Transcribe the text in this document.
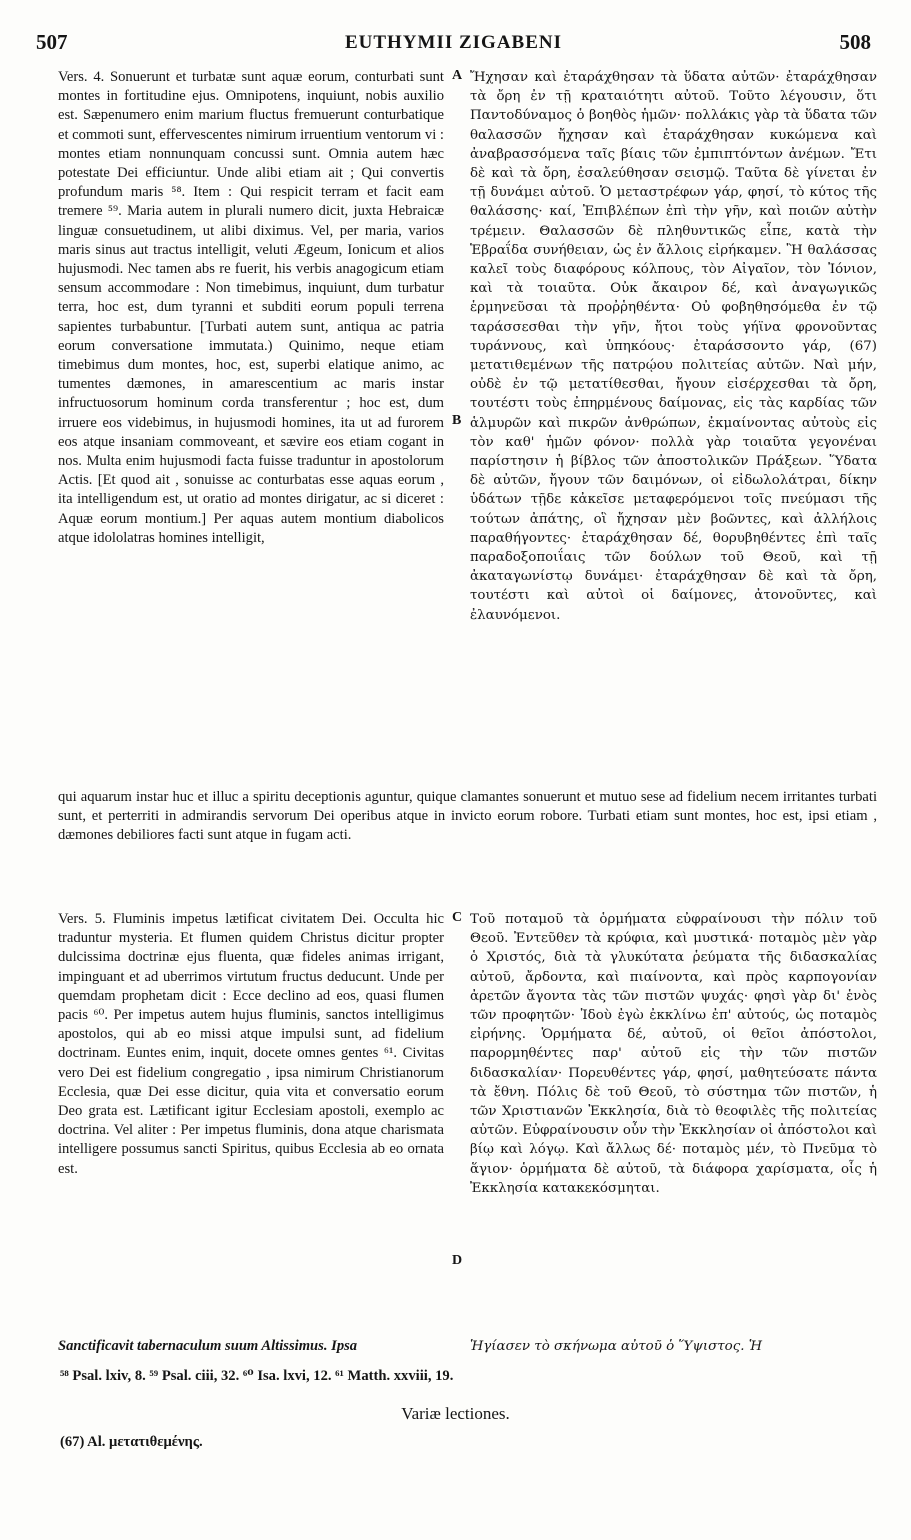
507	EUTHYMII ZIGABENI	508
A
B
C
D

Vers. 4. Sonuerunt et turbatæ sunt aquæ eorum, conturbati sunt montes in fortitudine ejus. Omnipotens, inquiunt, nobis auxilio est. Sæpenumero enim marium fluctus fremuerunt conturbatique et commoti sunt, effervescentes nimirum irruentium ventorum vi : montes etiam nonnunquam concussi sunt. Omnia autem hæc potestate Dei efficiuntur. Unde alibi etiam ait ; Qui convertis profundum maris ⁵⁸. Item : Qui respicit terram et facit eam tremere ⁵⁹. Maria autem in plurali numero dicit, juxta Hebraicæ linguæ consuetudinem, ut alibi diximus. Vel, per maria, varios maris sinus aut tractus intelligit, veluti Ægeum, Ionicum et alios hujusmodi. Nec tamen abs re fuerit, his verbis anagogicum etiam sensum accommodare : Non timebimus, inquiunt, dum turbatur terra, hoc est, dum tyranni et subditi eorum populi terrena sapientes turbabuntur. [Turbati autem sunt, antiqua ac patria eorum conversatione immutata.) Quinimo, neque etiam timebimus dum montes, hoc, est, superbi elatique animo, ac tumentes dæmones, in amarescentium ac maris instar infructuosorum hominum corda transferentur ; hoc est, dum irruere eos videbimus, in hujusmodi homines, ita ut ad furorem eos atque insaniam commoveant, et sævire eos etiam cogant in nos. Multa enim hujusmodi facta fuisse traduntur in apostolorum Actis. [Et quod ait , sonuisse ac conturbatas esse aquas eorum , ita intelligendum est, ut oratio ad montes dirigatur, ac si diceret : Aquæ eorum montium.] Per aquas autem montium diabolicos atque idololatras homines intelligit,

Ἤχησαν καὶ ἐταράχθησαν τὰ ὕδατα αὐτῶν· ἐταράχθησαν τὰ ὄρη ἐν τῇ κραταιότητι αὐτοῦ. Τοῦτο λέγουσιν, ὅτι Παντοδύναμος ὁ βοηθὸς ἡμῶν· πολλάκις γὰρ τὰ ὕδατα τῶν θαλασσῶν ἤχησαν καὶ ἐταράχθησαν κυκώμενα καὶ ἀναβρασσόμενα ταῖς βίαις τῶν ἐμπιπτόντων ἀνέμων. Ἔτι δὲ καὶ τὰ ὄρη, ἐσαλεύθησαν σεισμῷ. Ταῦτα δὲ γίνεται ἐν τῇ δυνάμει αὐτοῦ. Ὁ μεταστρέφων γάρ, φησί, τὸ κύτος τῆς θαλάσσης· καί, Ἐπιβλέπων ἐπὶ τὴν γῆν, καὶ ποιῶν αὐτὴν τρέμειν. Θαλασσῶν δὲ πληθυντικῶς εἶπε, κατὰ τὴν Ἑβραΐδα συνήθειαν, ὡς ἐν ἄλλοις εἰρήκαμεν. Ἢ θαλάσσας καλεῖ τοὺς διαφόρους κόλπους, τὸν Αἰγαῖον, τὸν Ἰόνιον, καὶ τὰ τοιαῦτα. Οὐκ ἄκαιρον δέ, καὶ ἀναγωγικῶς ἑρμηνεῦσαι τὰ προῤῥηθέντα· Οὐ φοβηθησόμεθα ἐν τῷ ταράσσεσθαι τὴν γῆν, ἤτοι τοὺς γήϊνα φρονοῦντας τυράννους, καὶ ὑπηκόους· ἐταράσσοντο γάρ, (67) μετατιθεμένων τῆς πατρῴου πολιτείας αὐτῶν. Ναὶ μήν, οὐδὲ ἐν τῷ μετατίθεσθαι, ἤγουν εἰσέρχεσθαι τὰ ὄρη, τουτέστι τοὺς ἐπηρμένους δαίμονας, εἰς τὰς καρδίας τῶν ἁλμυρῶν καὶ πικρῶν ἀνθρώπων, ἐκμαίνοντας αὐτοὺς εἰς τὸν καθ' ἡμῶν φόνον· πολλὰ γὰρ τοιαῦτα γεγονέναι παρίστησιν ἡ βίβλος τῶν ἀποστολικῶν Πράξεων. Ὕδατα δὲ αὐτῶν, ἤγουν τῶν δαιμόνων, οἱ εἰδωλολάτραι, δίκην ὑδάτων τῇδε κἀκεῖσε μεταφερόμενοι τοῖς πνεύμασι τῆς τούτων ἀπάτης, οἳ ἤχησαν μὲν βοῶντες, καὶ ἀλλήλοις παραθήγοντες· ἐταράχθησαν δέ, θορυβηθέντες ἐπὶ ταῖς παραδοξοποιΐαις τῶν δούλων τοῦ Θεοῦ, καὶ τῇ ἀκαταγωνίστῳ δυνάμει· ἐταράχθησαν δὲ καὶ τὰ ὄρη, τουτέστι καὶ αὐτοὶ οἱ δαίμονες, ἀτονοῦντες, καὶ ἐλαυνόμενοι.

qui aquarum instar huc et illuc a spiritu deceptionis aguntur, quique clamantes sonuerunt et mutuo sese ad fidelium necem irritantes turbati sunt, et perterriti in admirandis servorum Dei operibus atque in invicto eorum robore. Turbati etiam sunt montes, hoc est, ipsi etiam , dæmones debiliores facti sunt atque in fugam acti.

Vers. 5. Fluminis impetus lætificat civitatem Dei. Occulta hic traduntur mysteria. Et flumen quidem Christus dicitur propter dulcissima doctrinæ ejus fluenta, quæ fideles animas irrigant, impinguant et ad uberrimos virtutum fructus deducunt. Unde per quemdam prophetam dicit : Ecce declino ad eos, quasi flumen pacis ⁶⁰. Per impetus autem hujus fluminis, sanctos intelligimus apostolos, qui ab eo missi atque impulsi sunt, ad fidelium doctrinam. Euntes enim, inquit, docete omnes gentes ⁶¹. Civitas vero Dei est fidelium congregatio , ipsa nimirum Christianorum Ecclesia, quæ Dei esse dicitur, quia vita et conversatio eorum Deo grata est. Lætificant igitur Ecclesiam apostoli, exemplo ac doctrina. Vel aliter : Per impetus fluminis, dona atque charismata intelligere possumus sancti Spiritus, quibus Ecclesia ab eo ornata est.

Τοῦ ποταμοῦ τὰ ὁρμήματα εὐφραίνουσι τὴν πόλιν τοῦ Θεοῦ. Ἐντεῦθεν τὰ κρύφια, καὶ μυστικά· ποταμὸς μὲν γὰρ ὁ Χριστός, διὰ τὰ γλυκύτατα ῥεύματα τῆς διδασκαλίας αὐτοῦ, ἄρδοντα, καὶ πιαίνοντα, καὶ πρὸς καρπογονίαν ἀρετῶν ἄγοντα τὰς τῶν πιστῶν ψυχάς· φησὶ γὰρ δι' ἑνὸς τῶν προφητῶν· Ἰδοὺ ἐγὼ ἐκκλίνω ἐπ' αὐτούς, ὡς ποταμὸς εἰρήνης. Ὁρμήματα δέ, αὐτοῦ, οἱ θεῖοι ἀπόστολοι, παρορμηθέντες παρ' αὐτοῦ εἰς τὴν τῶν πιστῶν διδασκαλίαν· Πορευθέντες γάρ, φησί, μαθητεύσατε πάντα τὰ ἔθνη. Πόλις δὲ τοῦ Θεοῦ, τὸ σύστημα τῶν πιστῶν, ἡ τῶν Χριστιανῶν Ἐκκλησία, διὰ τὸ θεοφιλὲς τῆς πολιτείας αὐτῶν. Εὐφραίνουσιν οὖν τὴν Ἐκκλησίαν οἱ ἀπόστολοι καὶ βίῳ καὶ λόγῳ. Καὶ ἄλλως δέ· ποταμὸς μέν, τὸ Πνεῦμα τὸ ἅγιον· ὁρμήματα δὲ αὐτοῦ, τὰ διάφορα χαρίσματα, οἷς ἡ Ἐκκλησία κατακεκόσμηται.

Sanctificavit tabernaculum suum Altissimus. Ipsa	Ἡγίασεν τὸ σκήνωμα αὐτοῦ ὁ Ὕψιστος. Ἡ

⁵⁸ Psal. lxiv, 8. ⁵⁹ Psal. ciii, 32. ⁶⁰ Isa. lxvi, 12. ⁶¹ Matth. xxviii, 19.
Variæ lectiones.
(67) Al. μετατιθεμένης.
